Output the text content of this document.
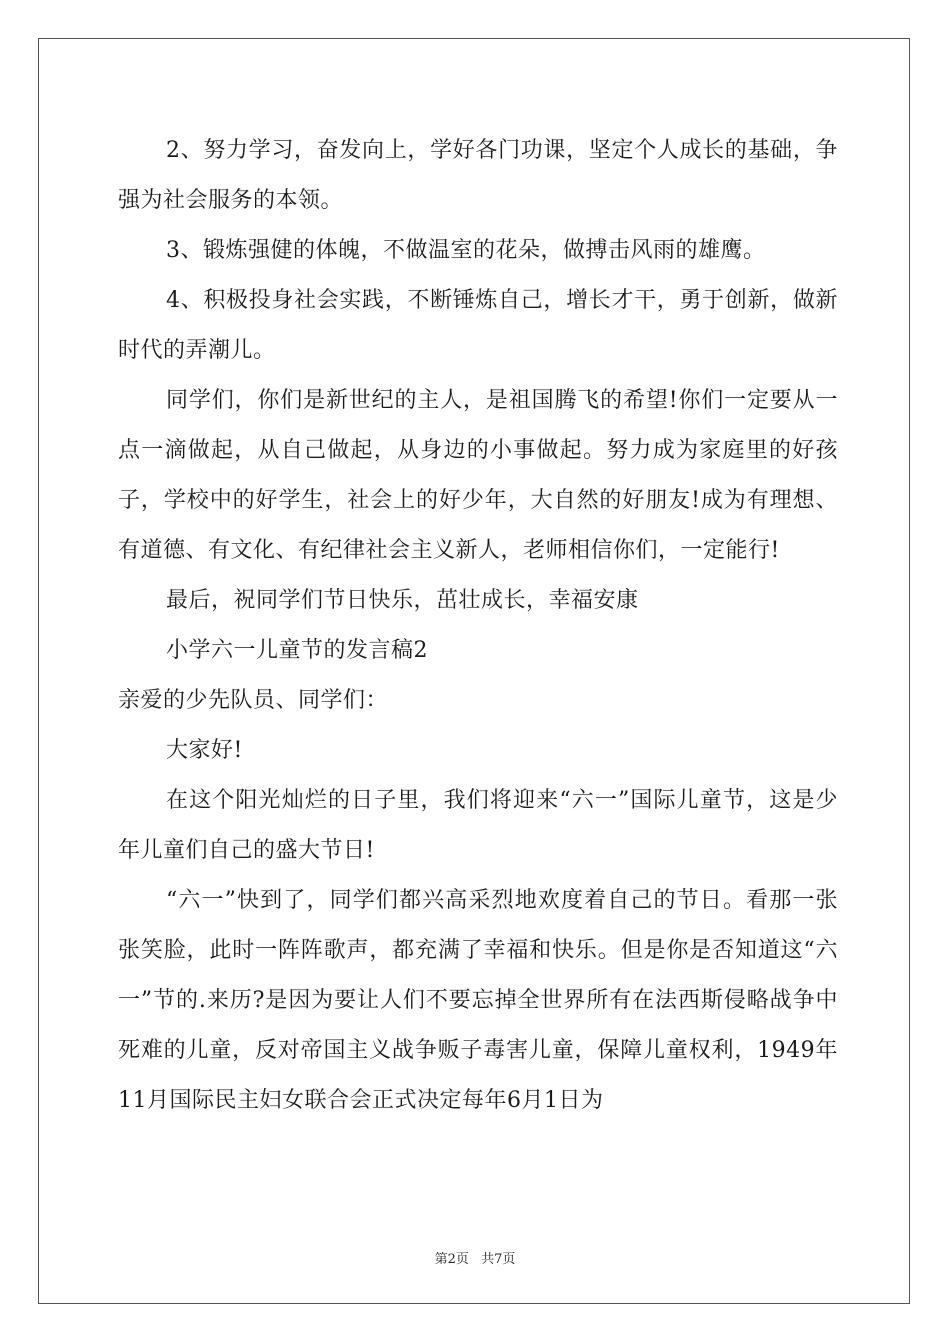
2、努力学习，奋发向上，学好各门功课，坚定个人成长的基础，争强为社会服务的本领。

3、锻炼强健的体魄，不做温室的花朵，做搏击风雨的雄鹰。

4、积极投身社会实践，不断锤炼自己，增长才干，勇于创新，做新时代的弄潮儿。

同学们，你们是新世纪的主人，是祖国腾飞的希望!你们一定要从一点一滴做起，从自己做起，从身边的小事做起。努力成为家庭里的好孩子，学校中的好学生，社会上的好少年，大自然的好朋友!成为有理想、有道德、有文化、有纪律社会主义新人，老师相信你们，一定能行!

最后，祝同学们节日快乐，茁壮成长，幸福安康

小学六一儿童节的发言稿2

亲爱的少先队员、同学们：

大家好!

在这个阳光灿烂的日子里，我们将迎来“六一”国际儿童节，这是少年儿童们自己的盛大节日!

“六一”快到了，同学们都兴高采烈地欢度着自己的节日。看那一张张笑脸，此时一阵阵歌声，都充满了幸福和快乐。但是你是否知道这“六一”节的.来历?是因为要让人们不要忘掉全世界所有在法西斯侵略战争中死难的儿童，反对帝国主义战争贩子毒害儿童，保障儿童权利，1949年11月国际民主妇女联合会正式决定每年6月1日为

第2页 共7页
